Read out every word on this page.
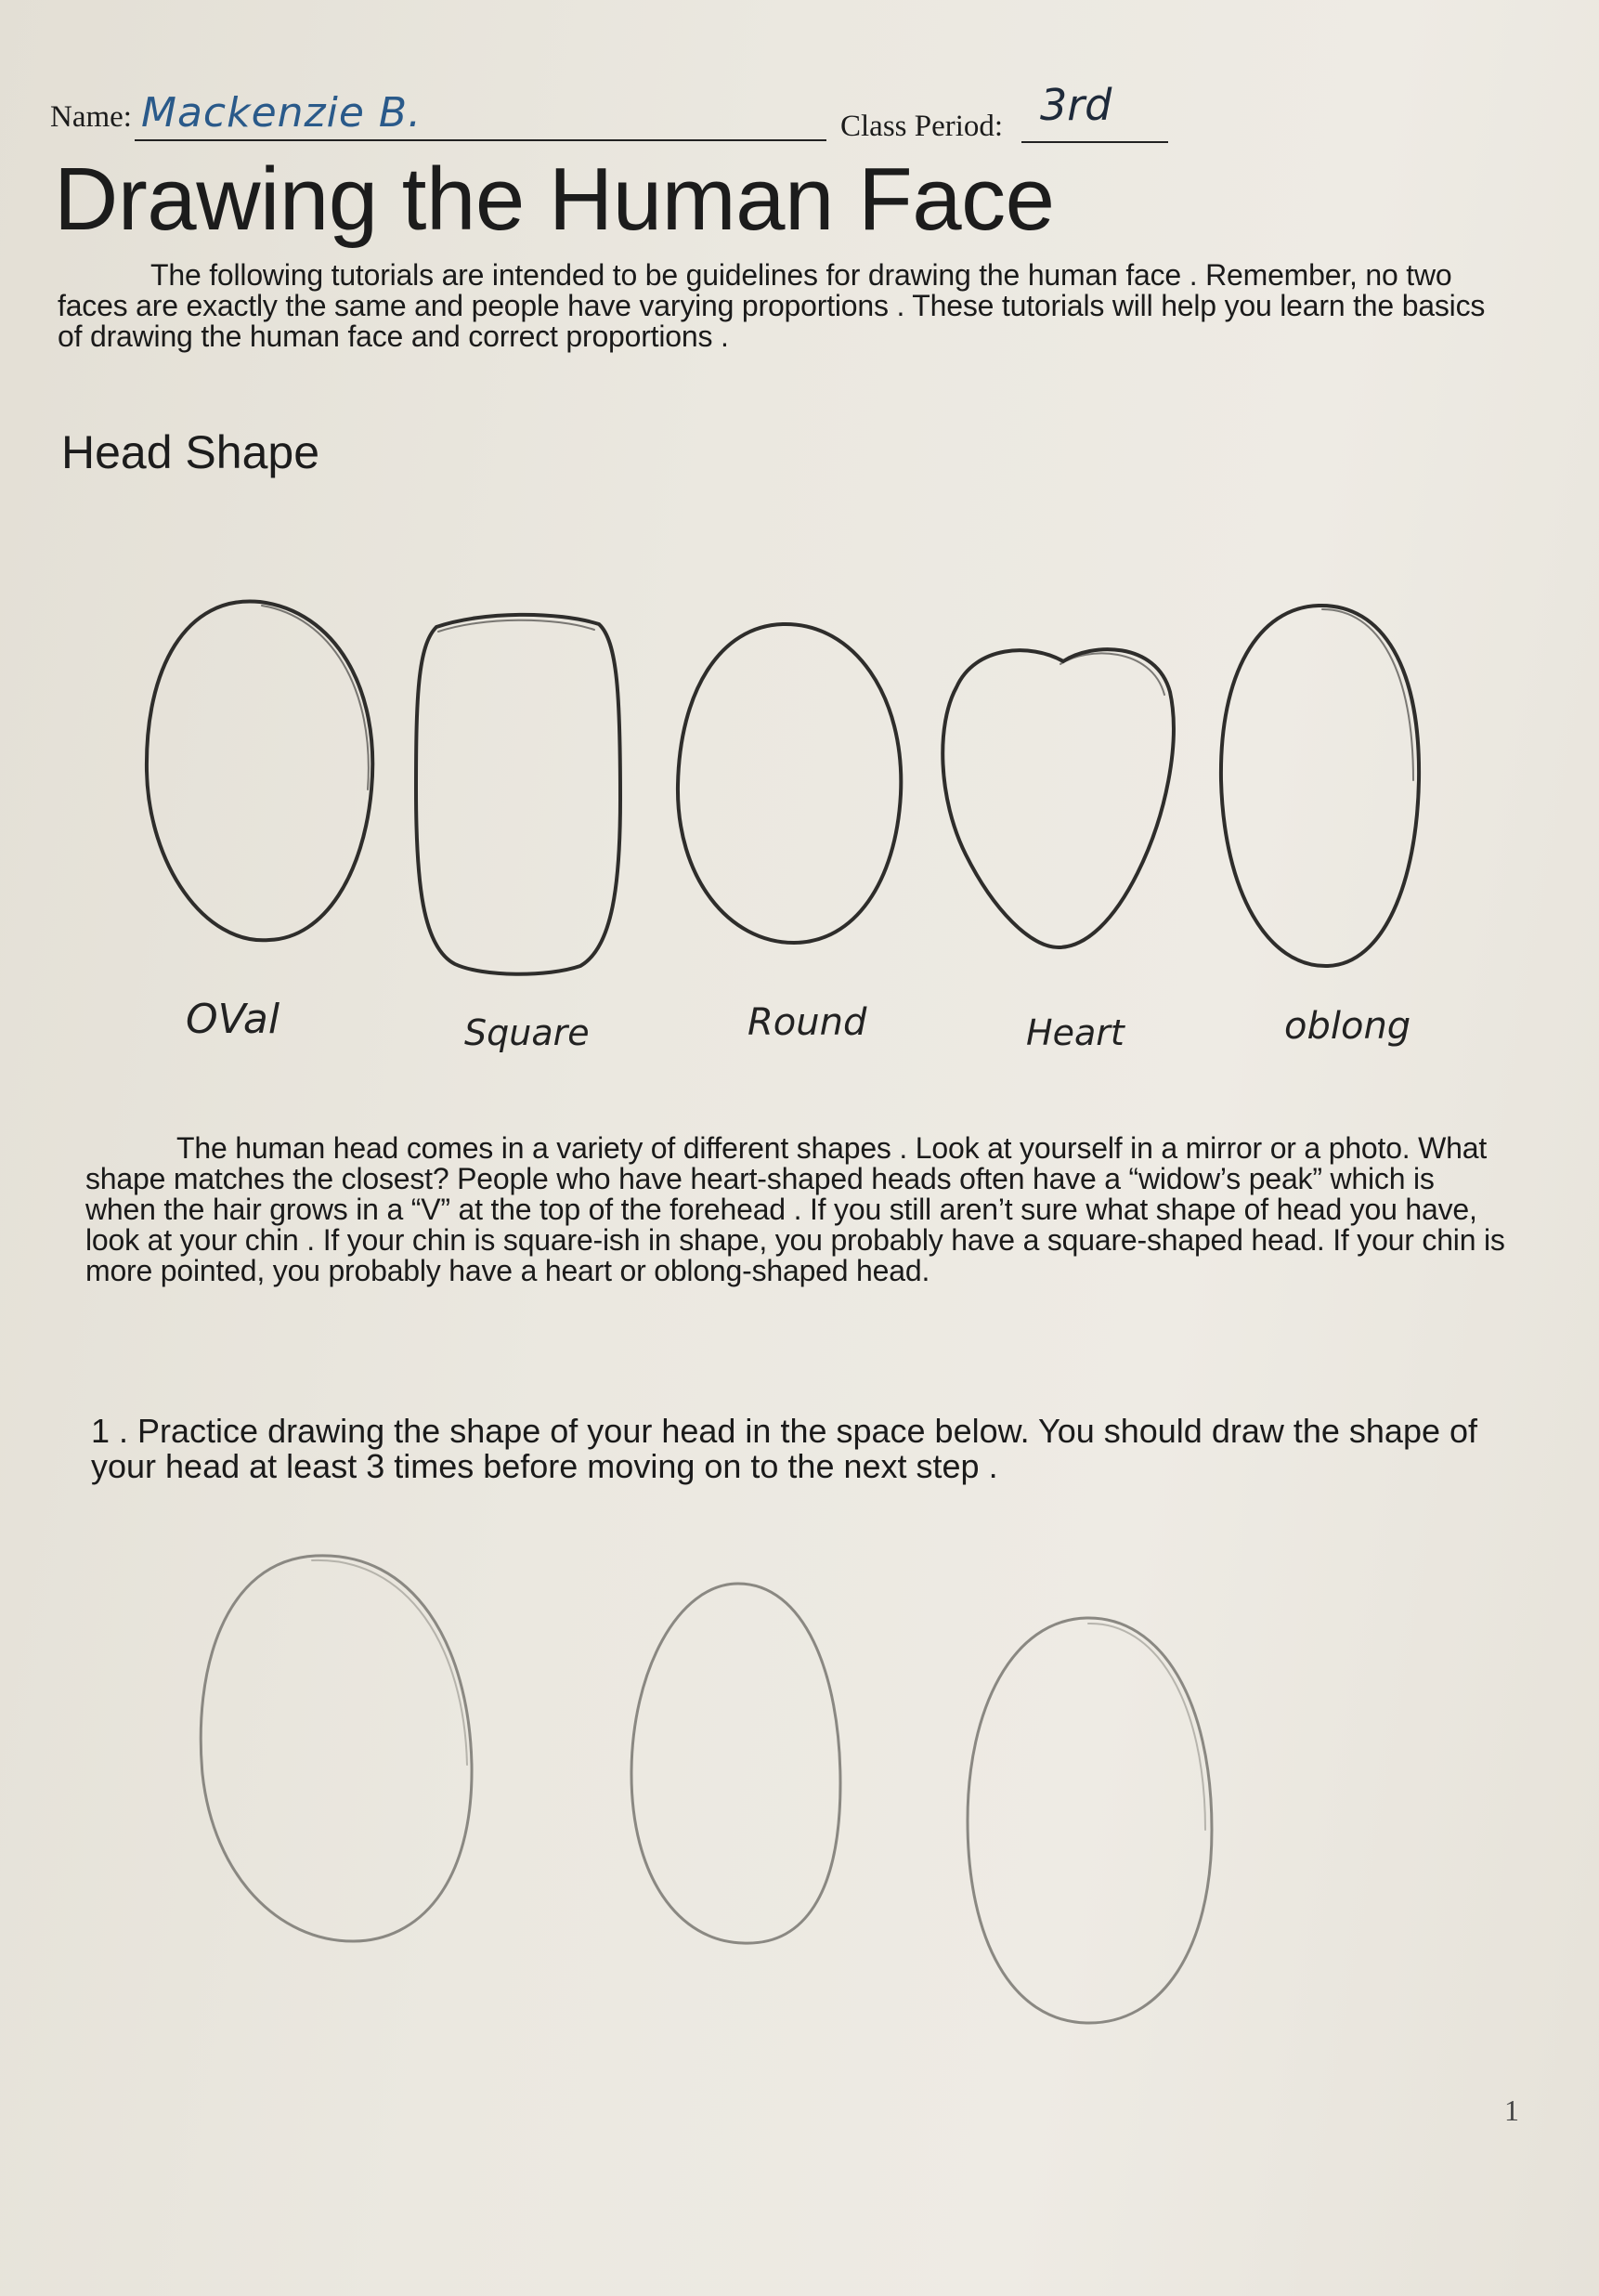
Name: Mackenzie B.	Class Period: 3rd
Drawing the Human Face

The following tutorials are intended to be guidelines for drawing the human face . Remember, no two faces are exactly the same and people have varying proportions . These tutorials will help you learn the basics of drawing the human face and correct proportions .

Head Shape
OVal	Square	Round	Heart	oblong

The human head comes in a variety of different shapes . Look at yourself in a mirror or a photo. What shape matches the closest? People who have heart-shaped heads often have a “widow’s peak” which is when the hair grows in a “V” at the top of the forehead . If you still aren’t sure what shape of head you have, look at your chin . If your chin is square-ish in shape, you probably have a square-shaped head. If your chin is more pointed, you probably have a heart or oblong-shaped head.

1 . Practice drawing the shape of your head in the space below. You should draw the shape of your head at least 3 times before moving on to the next step .
1
